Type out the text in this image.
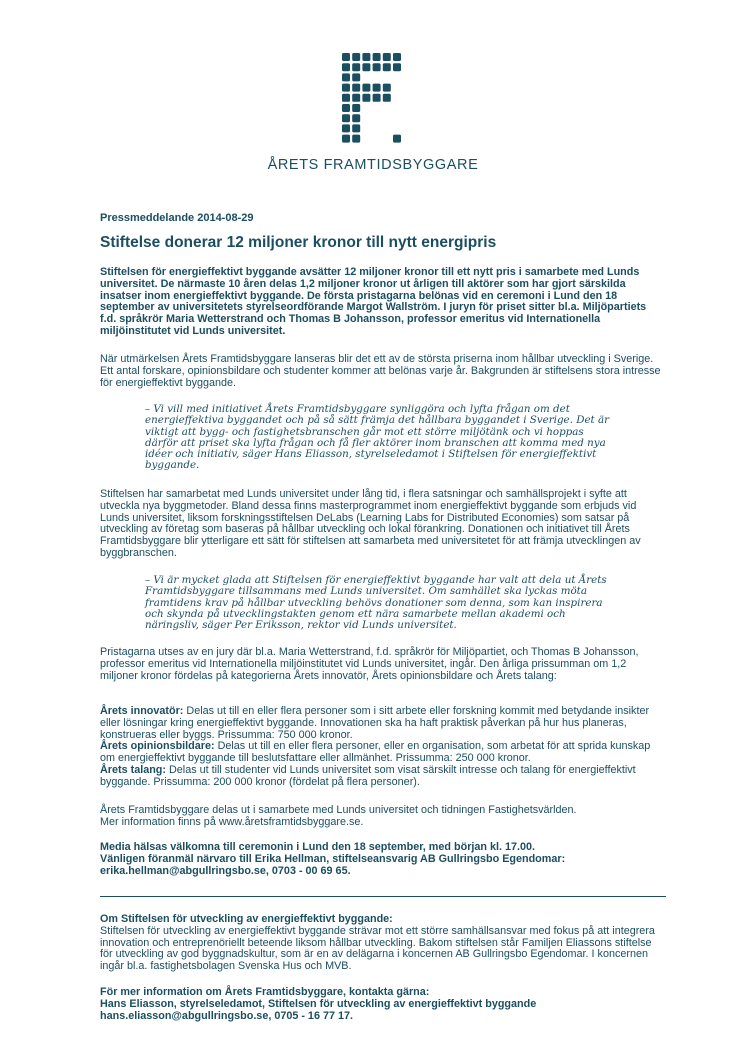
ÅRETS FRAMTIDSBYGGARE

Pressmeddelande 2014-08-29

Stiftelse donerar 12 miljoner kronor till nytt energipris

Stiftelsen för energieffektivt byggande avsätter 12 miljoner kronor till ett nytt pris i samarbete med Lunds universitet. De närmaste 10 åren delas 1,2 miljoner kronor ut årligen till aktörer som har gjort särskilda insatser inom energieffektivt byggande. De första pristagarna belönas vid en ceremoni i Lund den 18 september av universitetets styrelseordförande Margot Wallström. I juryn för priset sitter bl.a. Miljöpartiets f.d. språkrör Maria Wetterstrand och Thomas B Johansson, professor emeritus vid Internationella miljöinstitutet vid Lunds universitet.

När utmärkelsen Årets Framtidsbyggare lanseras blir det ett av de största priserna inom hållbar utveckling i Sverige. Ett antal forskare, opinionsbildare och studenter kommer att belönas varje år. Bakgrunden är stiftelsens stora intresse för energieffektivt byggande.

– Vi vill med initiativet Årets Framtidsbyggare synliggöra och lyfta frågan om det energieffektiva byggandet och på så sätt främja det hållbara byggandet i Sverige. Det är viktigt att bygg- och fastighetsbranschen går mot ett större miljötänk och vi hoppas därför att priset ska lyfta frågan och få fler aktörer inom branschen att komma med nya idéer och initiativ, säger Hans Eliasson, styrelseledamot i Stiftelsen för energieffektivt byggande.

Stiftelsen har samarbetat med Lunds universitet under lång tid, i flera satsningar och samhällsprojekt i syfte att utveckla nya byggmetoder. Bland dessa finns masterprogrammet inom energieffektivt byggande som erbjuds vid Lunds universitet, liksom forskningsstiftelsen DeLabs (Learning Labs for Distributed Economies) som satsar på utveckling av företag som baseras på hållbar utveckling och lokal förankring. Donationen och initiativet till Årets Framtidsbyggare blir ytterligare ett sätt för stiftelsen att samarbeta med universitetet för att främja utvecklingen av byggbranschen.

– Vi är mycket glada att Stiftelsen för energieffektivt byggande har valt att dela ut Årets Framtidsbyggare tillsammans med Lunds universitet. Om samhället ska lyckas möta framtidens krav på hållbar utveckling behövs donationer som denna, som kan inspirera och skynda på utvecklingstakten genom ett nära samarbete mellan akademi och näringsliv, säger Per Eriksson, rektor vid Lunds universitet.

Pristagarna utses av en jury där bl.a. Maria Wetterstrand, f.d. språkrör för Miljöpartiet, och Thomas B Johansson, professor emeritus vid Internationella miljöinstitutet vid Lunds universitet, ingår. Den årliga prissumman om 1,2 miljoner kronor fördelas på kategorierna Årets innovatör, Årets opinionsbildare och Årets talang:

Årets innovatör: Delas ut till en eller flera personer som i sitt arbete eller forskning kommit med betydande insikter eller lösningar kring energieffektivt byggande. Innovationen ska ha haft praktisk påverkan på hur hus planeras, konstrueras eller byggs. Prissumma: 750 000 kronor.

Årets opinionsbildare: Delas ut till en eller flera personer, eller en organisation, som arbetat för att sprida kunskap om energieffektivt byggande till beslutsfattare eller allmänhet. Prissumma: 250 000 kronor.

Årets talang: Delas ut till studenter vid Lunds universitet som visat särskilt intresse och talang för energieffektivt byggande. Prissumma: 200 000 kronor (fördelat på flera personer).

Årets Framtidsbyggare delas ut i samarbete med Lunds universitet och tidningen Fastighetsvärlden.

Mer information finns på www.åretsframtidsbyggare.se.

Media hälsas välkomna till ceremonin i Lund den 18 september, med början kl. 17.00.

Vänligen föranmäl närvaro till Erika Hellman, stiftelseansvarig AB Gullringsbo Egendomar:

erika.hellman@abgullringsbo.se, 0703 - 00 69 65.

Om Stiftelsen för utveckling av energieffektivt byggande:

Stiftelsen för utveckling av energieffektivt byggande strävar mot ett större samhällsansvar med fokus på att integrera innovation och entreprenöriellt beteende liksom hållbar utveckling. Bakom stiftelsen står Familjen Eliassons stiftelse för utveckling av god byggnadskultur, som är en av delägarna i koncernen AB Gullringsbo Egendomar. I koncernen ingår bl.a. fastighetsbolagen Svenska Hus och MVB.

För mer information om Årets Framtidsbyggare, kontakta gärna:

Hans Eliasson, styrelseledamot, Stiftelsen för utveckling av energieffektivt byggande

hans.eliasson@abgullringsbo.se, 0705 - 16 77 17.
